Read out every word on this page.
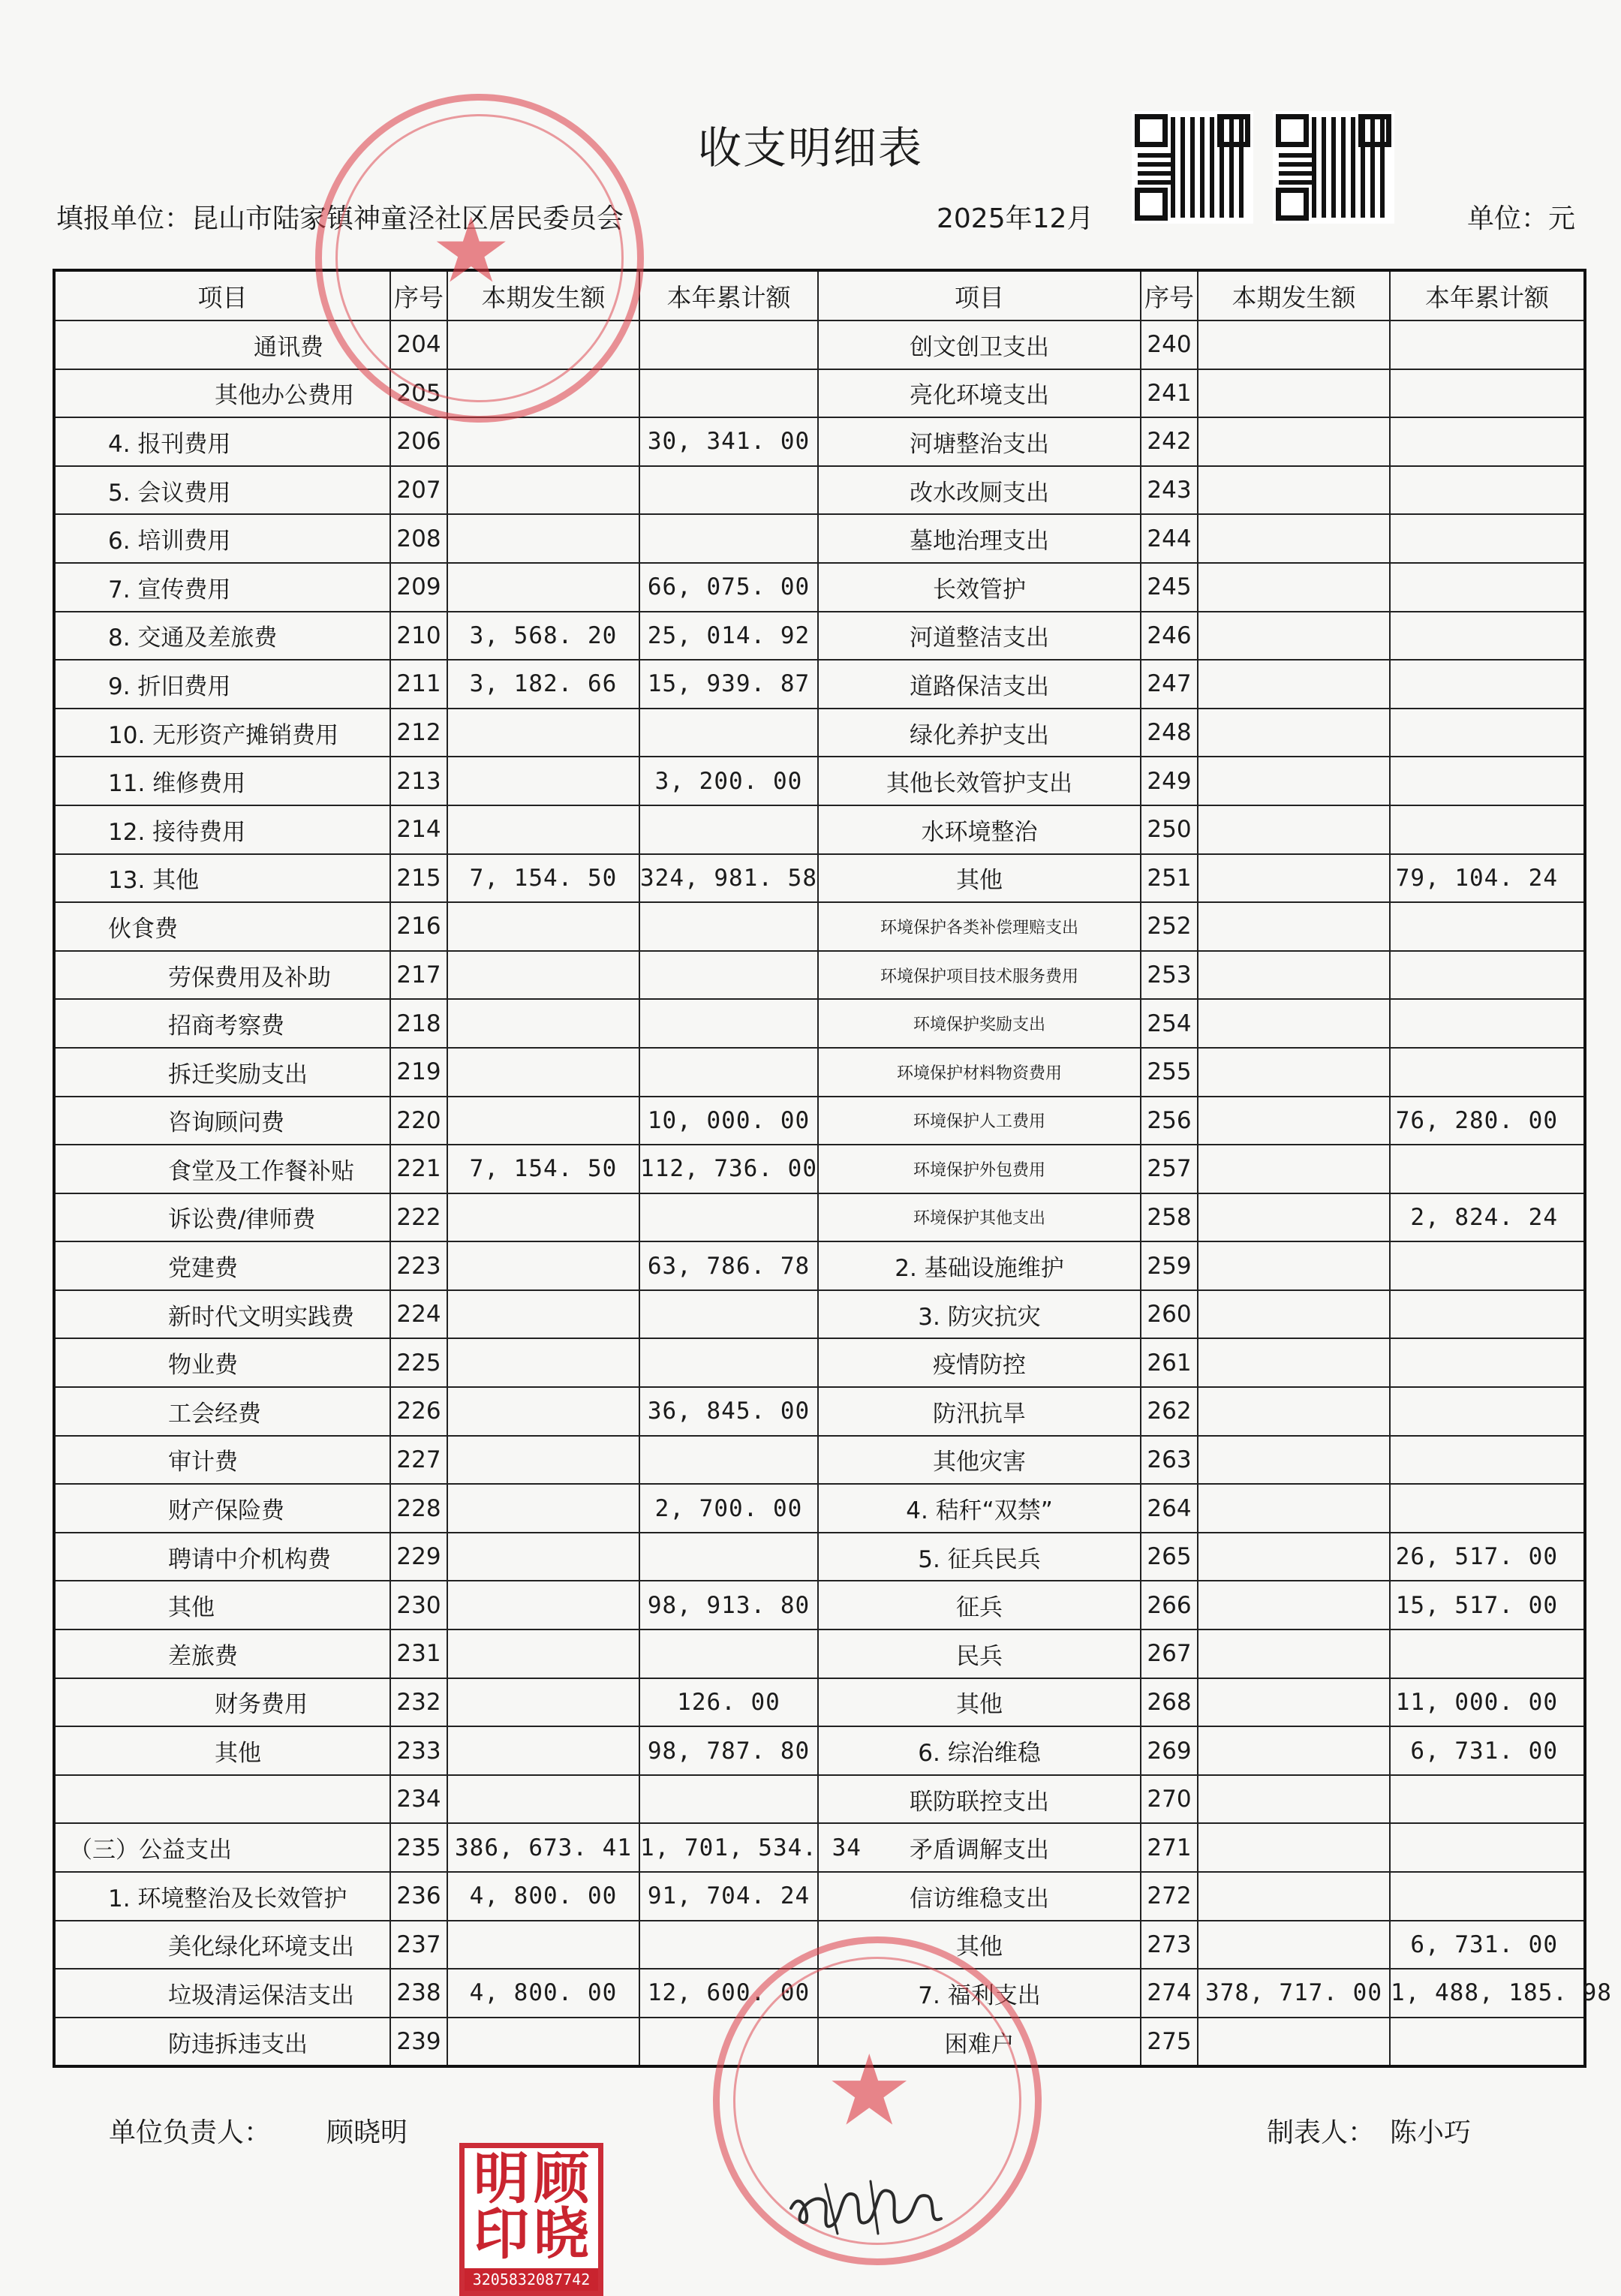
收支明细表
填报单位：昆山市陆家镇神童泾社区居民委员会	2025年12月	单位：元
项目	序号	本期发生额	本年累计额	项目	序号	本期发生额	本年累计额
通讯费	204			创文创卫支出	240		
其他办公费用	205			亮化环境支出	241		
4. 报刊费用	206		30, 341. 00	河塘整治支出	242		
5. 会议费用	207			改水改厕支出	243		
6. 培训费用	208			墓地治理支出	244		
7. 宣传费用	209		66, 075. 00	长效管护	245		
8. 交通及差旅费	210	3, 568. 20	25, 014. 92	河道整洁支出	246		
9. 折旧费用	211	3, 182. 66	15, 939. 87	道路保洁支出	247		
10. 无形资产摊销费用	212			绿化养护支出	248		
11. 维修费用	213		3, 200. 00	其他长效管护支出	249		
12. 接待费用	214			水环境整治	250		
13. 其他	215	7, 154. 50	324, 981. 58	其他	251		79, 104. 24
伙食费	216			环境保护各类补偿理赔支出	252		
劳保费用及补助	217			环境保护项目技术服务费用	253		
招商考察费	218			环境保护奖励支出	254		
拆迁奖励支出	219			环境保护材料物资费用	255		
咨询顾问费	220		10, 000. 00	环境保护人工费用	256		76, 280. 00
食堂及工作餐补贴	221	7, 154. 50	112, 736. 00	环境保护外包费用	257		
诉讼费/律师费	222			环境保护其他支出	258		2, 824. 24
党建费	223		63, 786. 78	2. 基础设施维护	259		
新时代文明实践费	224			3. 防灾抗灾	260		
物业费	225			疫情防控	261		
工会经费	226		36, 845. 00	防汛抗旱	262		
审计费	227			其他灾害	263		
财产保险费	228		2, 700. 00	4. 秸秆“双禁”	264		
聘请中介机构费	229			5. 征兵民兵	265		26, 517. 00
其他	230		98, 913. 80	征兵	266		15, 517. 00
差旅费	231			民兵	267		
财务费用	232		126. 00	其他	268		11, 000. 00
其他	233		98, 787. 80	6. 综治维稳	269		6, 731. 00
	234			联防联控支出	270		
（三）公益支出	235	386, 673. 41	1, 701, 534. 34	矛盾调解支出	271		
1. 环境整治及长效管护	236	4, 800. 00	91, 704. 24	信访维稳支出	272		
美化绿化环境支出	237			其他	273		6, 731. 00
垃圾清运保洁支出	238	4, 800. 00	12, 600. 00	7. 福利支出	274	378, 717. 00	1, 488, 185. 98
防违拆违支出	239			困难户	275		
单位负责人： 顾晓明	制表人： 陈小巧
★
★
顾
晓
明
印
3205832087742
